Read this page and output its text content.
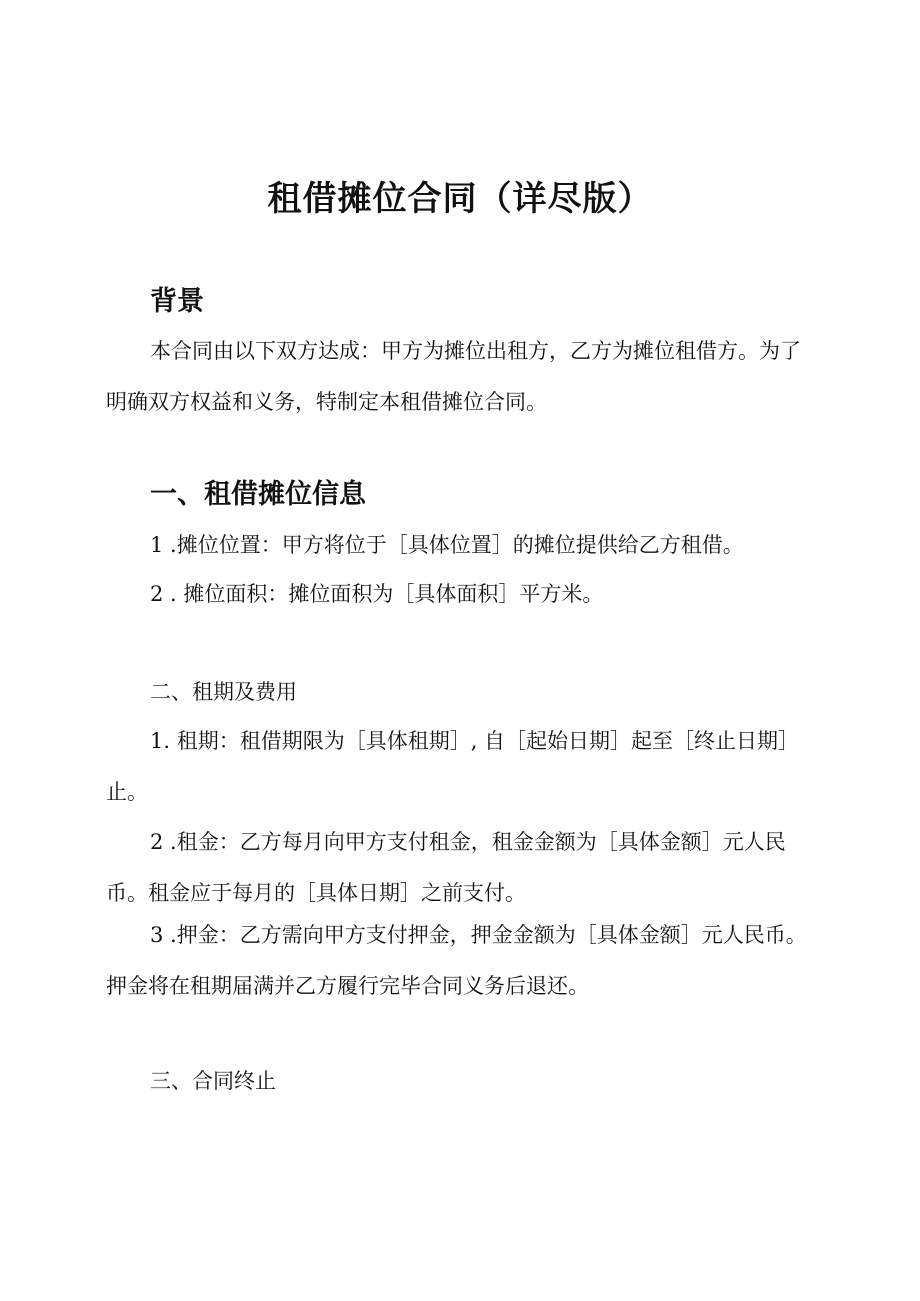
租借摊位合同（详尽版）
背景
本合同由以下双方达成：甲方为摊位出租方，乙方为摊位租借方。为了明确双方权益和义务，特制定本租借摊位合同。
一、租借摊位信息
1 .摊位位置：甲方将位于［具体位置］的摊位提供给乙方租借。
2 . 摊位面积：摊位面积为［具体面积］平方米。
二、租期及费用
1. 租期：租借期限为［具体租期］, 自［起始日期］起至［终止日期］止。
2 .租金：乙方每月向甲方支付租金，租金金额为［具体金额］元人民币。租金应于每月的［具体日期］之前支付。
3 .押金：乙方需向甲方支付押金，押金金额为［具体金额］元人民币。押金将在租期届满并乙方履行完毕合同义务后退还。
三、合同终止
